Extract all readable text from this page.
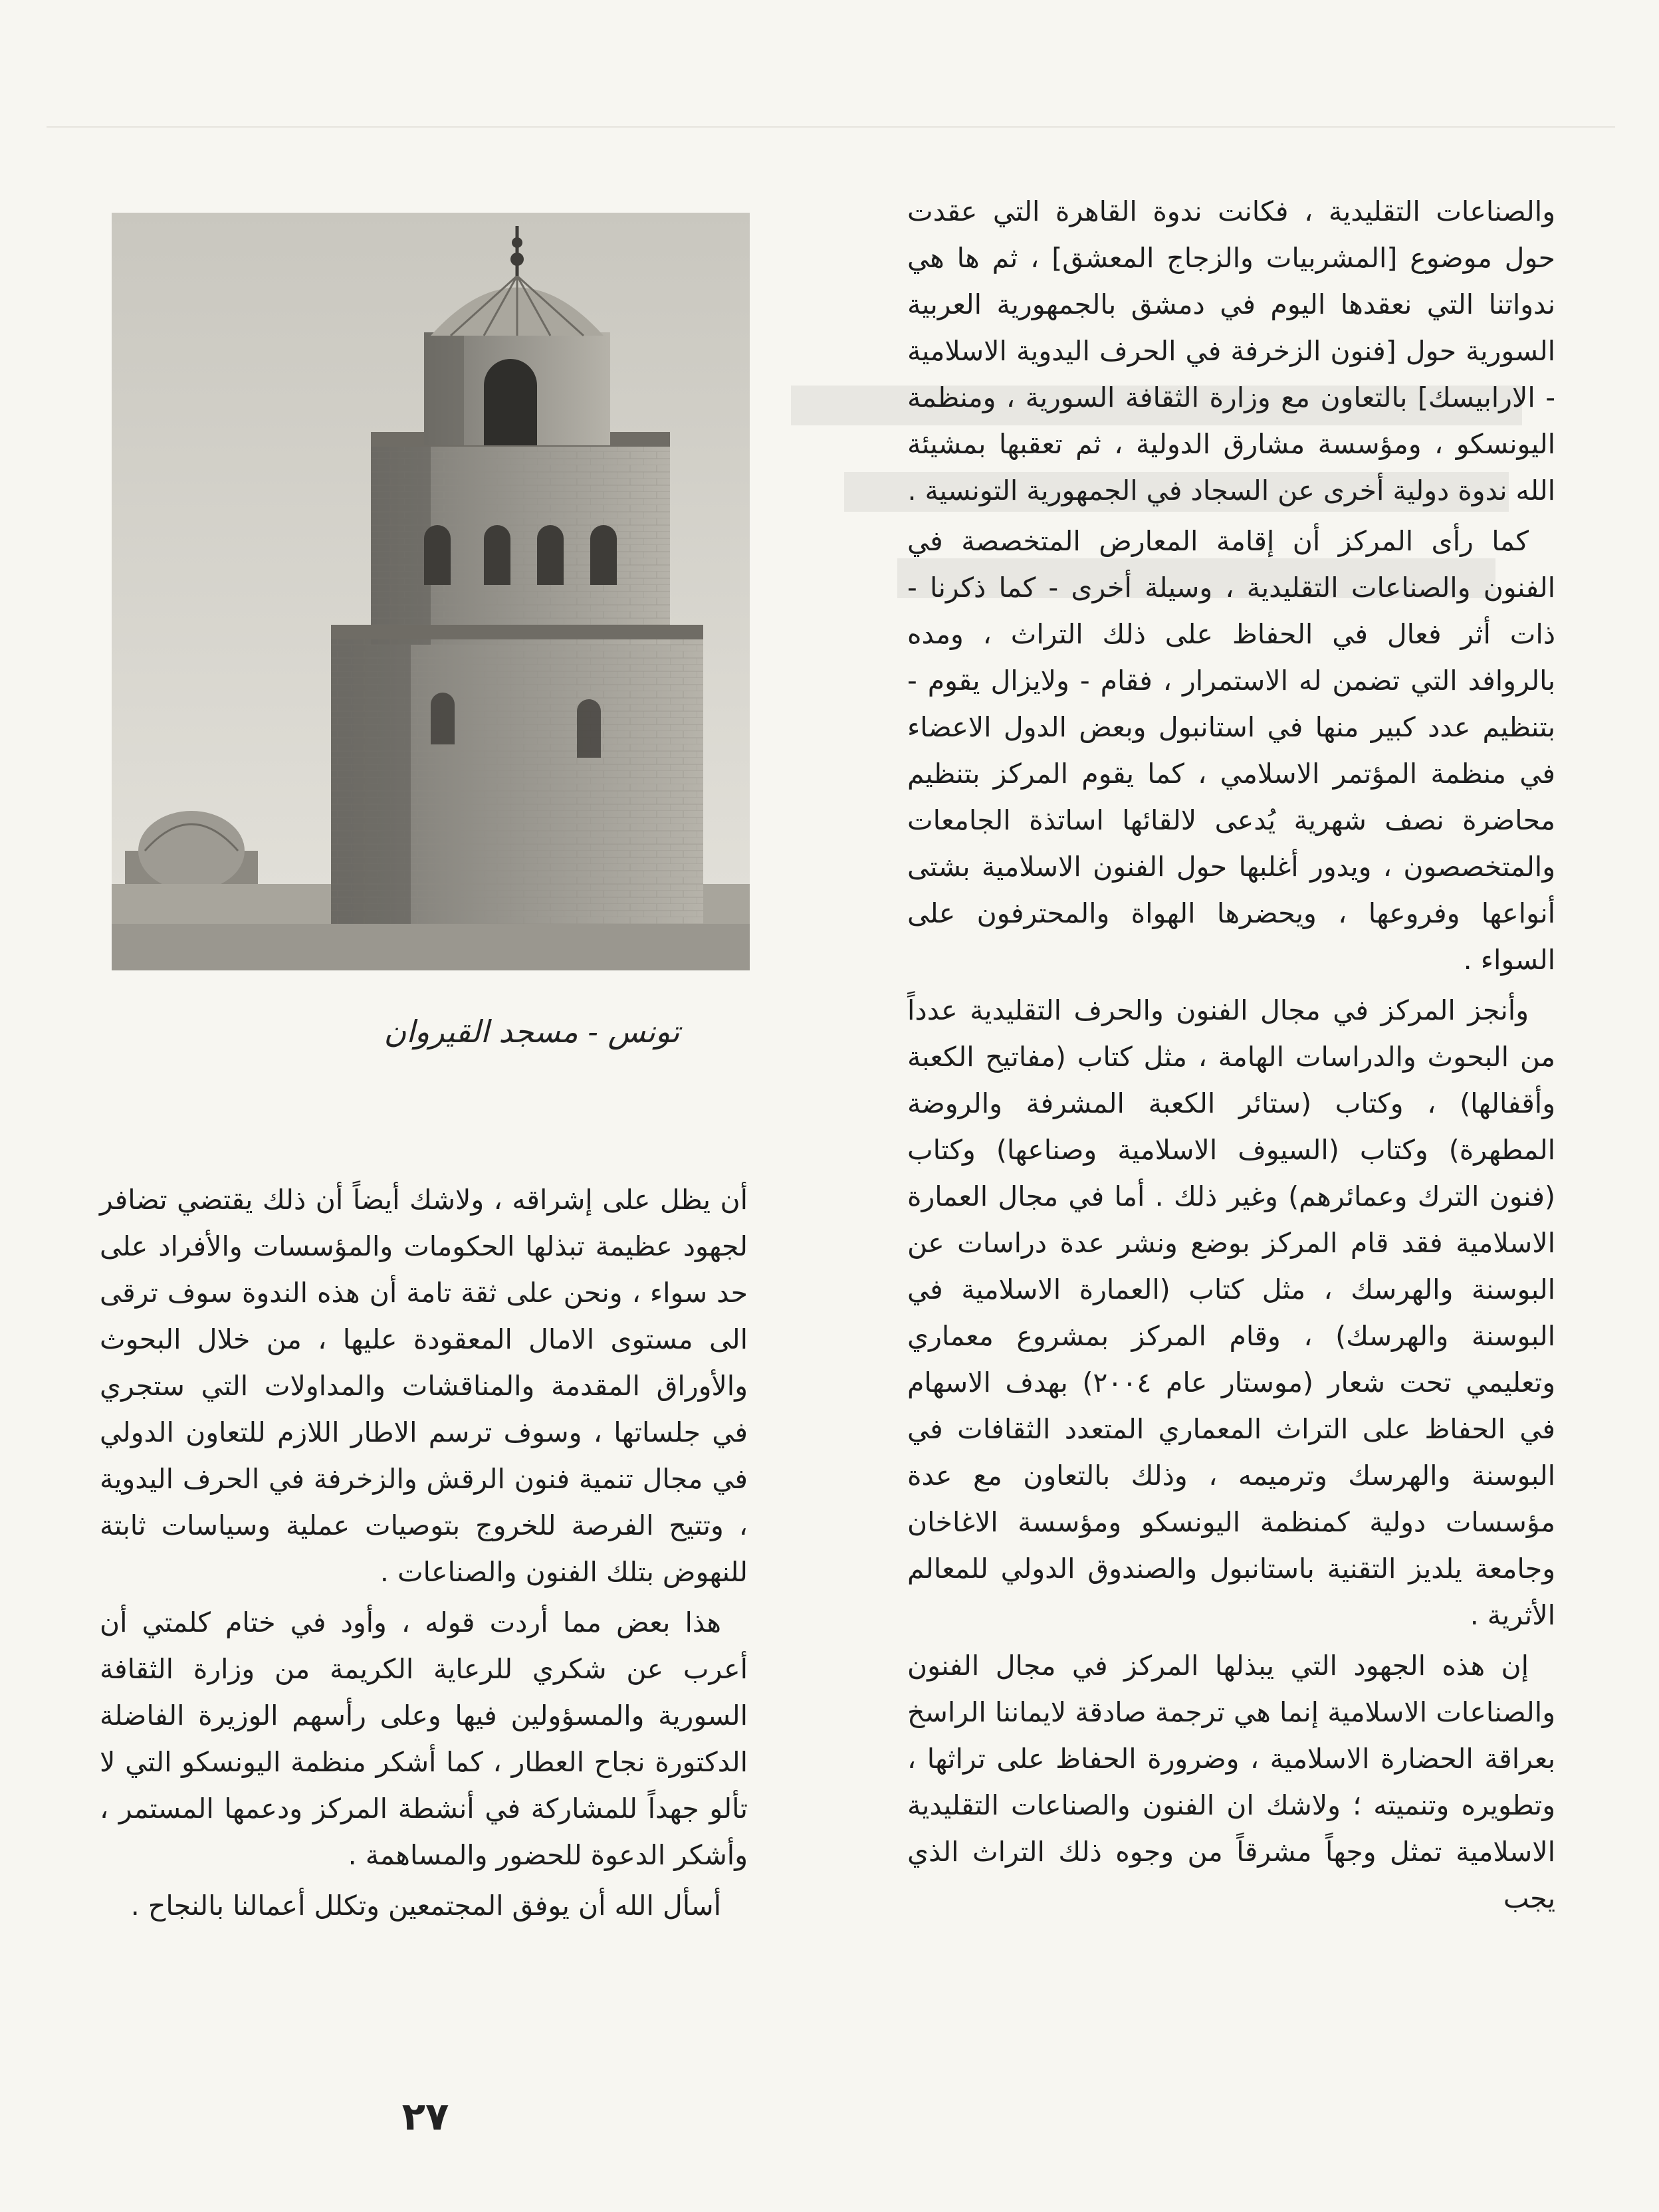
والصناعات التقليدية ، فكانت ندوة القاهرة التي عقدت حول موضوع [المشربيات والزجاج المعشق] ، ثم ها هي ندواتنا التي نعقدها اليوم في دمشق بالجمهورية العربية السورية حول [فنون الزخرفة في الحرف اليدوية الاسلامية - الارابيسك] بالتعاون مع وزارة الثقافة السورية ، ومنظمة اليونسكو ، ومؤسسة مشارق الدولية ، ثم تعقبها بمشيئة الله ندوة دولية أخرى عن السجاد في الجمهورية التونسية .

كما رأى المركز أن إقامة المعارض المتخصصة في الفنون والصناعات التقليدية ، وسيلة أخرى - كما ذكرنا - ذات أثر فعال في الحفاظ على ذلك التراث ، ومده بالروافد التي تضمن له الاستمرار ، فقام - ولايزال يقوم - بتنظيم عدد كبير منها في استانبول وبعض الدول الاعضاء في منظمة المؤتمر الاسلامي ، كما يقوم المركز بتنظيم محاضرة نصف شهرية يُدعى لالقائها اساتذة الجامعات والمتخصصون ، ويدور أغلبها حول الفنون الاسلامية بشتى أنواعها وفروعها ، ويحضرها الهواة والمحترفون على السواء .

وأنجز المركز في مجال الفنون والحرف التقليدية عدداً من البحوث والدراسات الهامة ، مثل كتاب (مفاتيح الكعبة وأقفالها) ، وكتاب (ستائر الكعبة المشرفة والروضة المطهرة) وكتاب (السيوف الاسلامية وصناعها) وكتاب (فنون الترك وعمائرهم) وغير ذلك . أما في مجال العمارة الاسلامية فقد قام المركز بوضع ونشر عدة دراسات عن البوسنة والهرسك ، مثل كتاب (العمارة الاسلامية في البوسنة والهرسك) ، وقام المركز بمشروع معماري وتعليمي تحت شعار (موستار عام ٢٠٠٤) بهدف الاسهام في الحفاظ على التراث المعماري المتعدد الثقافات في البوسنة والهرسك وترميمه ، وذلك بالتعاون مع عدة مؤسسات دولية كمنظمة اليونسكو ومؤسسة الاغاخان وجامعة يلديز التقنية باستانبول والصندوق الدولي للمعالم الأثرية .

إن هذه الجهود التي يبذلها المركز في مجال الفنون والصناعات الاسلامية إنما هي ترجمة صادقة لايماننا الراسخ بعراقة الحضارة الاسلامية ، وضرورة الحفاظ على تراثها ، وتطويره وتنميته ؛ ولاشك ان الفنون والصناعات التقليدية الاسلامية تمثل وجهاً مشرقاً من وجوه ذلك التراث الذي يجب

تونس - مسجد القيروان

أن يظل على إشراقه ، ولاشك أيضاً أن ذلك يقتضي تضافر لجهود عظيمة تبذلها الحكومات والمؤسسات والأفراد على حد سواء ، ونحن على ثقة تامة أن هذه الندوة سوف ترقى الى مستوى الامال المعقودة عليها ، من خلال البحوث والأوراق المقدمة والمناقشات والمداولات التي ستجري في جلساتها ، وسوف ترسم الاطار اللازم للتعاون الدولي في مجال تنمية فنون الرقش والزخرفة في الحرف اليدوية ، وتتيح الفرصة للخروج بتوصيات عملية وسياسات ثابتة للنهوض بتلك الفنون والصناعات .

هذا بعض مما أردت قوله ، وأود في ختام كلمتي أن أعرب عن شكري للرعاية الكريمة من وزارة الثقافة السورية والمسؤولين فيها وعلى رأسهم الوزيرة الفاضلة الدكتورة نجاح العطار ، كما أشكر منظمة اليونسكو التي لا تألو جهداً للمشاركة في أنشطة المركز ودعمها المستمر ، وأشكر الدعوة للحضور والمساهمة .

أسأل الله أن يوفق المجتمعين وتكلل أعمالنا بالنجاح .

٢٧
